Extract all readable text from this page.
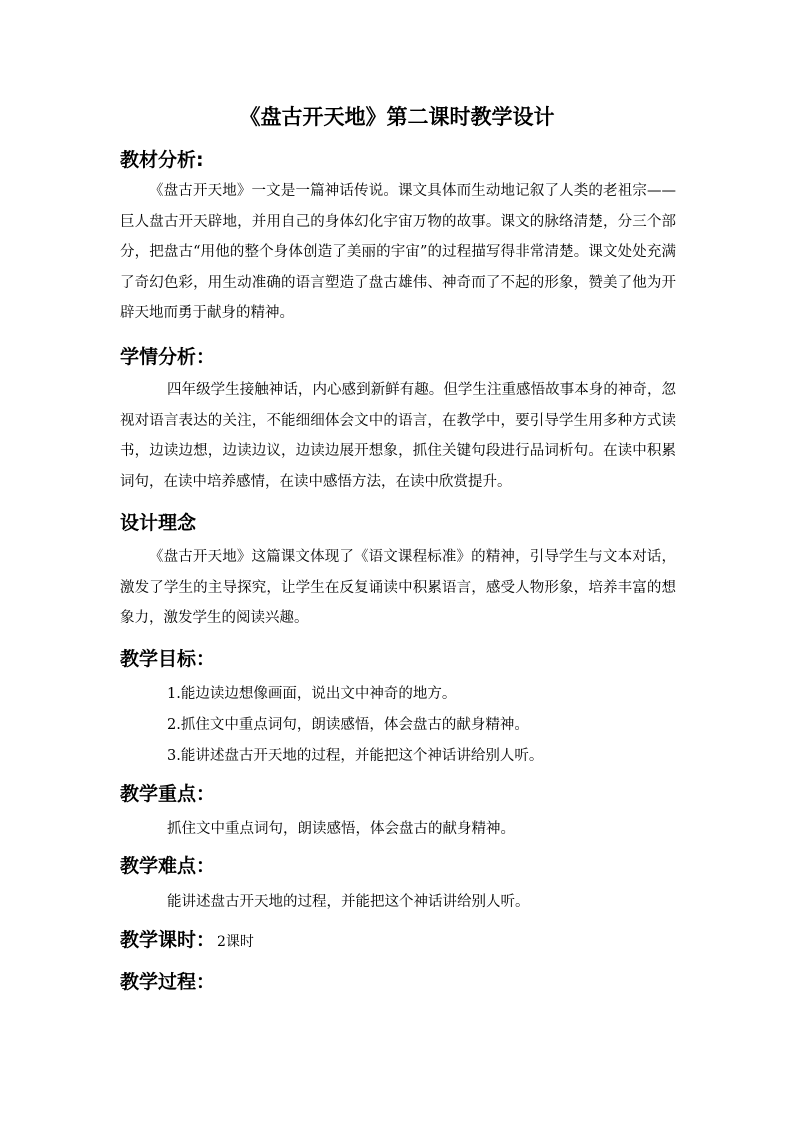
《盘古开天地》第二课时教学设计
教材分析:

《盘古开天地》一文是一篇神话传说。课文具体而生动地记叙了人类的老祖宗——巨人盘古开天辟地，并用自己的身体幻化宇宙万物的故事。课文的脉络清楚，分三个部分，把盘古“用他的整个身体创造了美丽的宇宙”的过程描写得非常清楚。课文处处充满了奇幻色彩，用生动准确的语言塑造了盘古雄伟、神奇而了不起的形象，赞美了他为开辟天地而勇于献身的精神。

学情分析：

四年级学生接触神话，内心感到新鲜有趣。但学生注重感悟故事本身的神奇，忽视对语言表达的关注，不能细细体会文中的语言，在教学中，要引导学生用多种方式读书，边读边想，边读边议，边读边展开想象，抓住关键句段进行品词析句。在读中积累词句，在读中培养感情，在读中感悟方法，在读中欣赏提升。

设计理念

《盘古开天地》这篇课文体现了《语文课程标准》的精神，引导学生与文本对话，激发了学生的主导探究，让学生在反复诵读中积累语言，感受人物形象，培养丰富的想象力，激发学生的阅读兴趣。

教学目标：
1.能边读边想像画面，说出文中神奇的地方。
2.抓住文中重点词句，朗读感悟，体会盘古的献身精神。
3.能讲述盘古开天地的过程，并能把这个神话讲给别人听。
教学重点：
抓住文中重点词句，朗读感悟，体会盘古的献身精神。
教学难点：
能讲述盘古开天地的过程，并能把这个神话讲给别人听。
教学课时： 2课时
教学过程：
